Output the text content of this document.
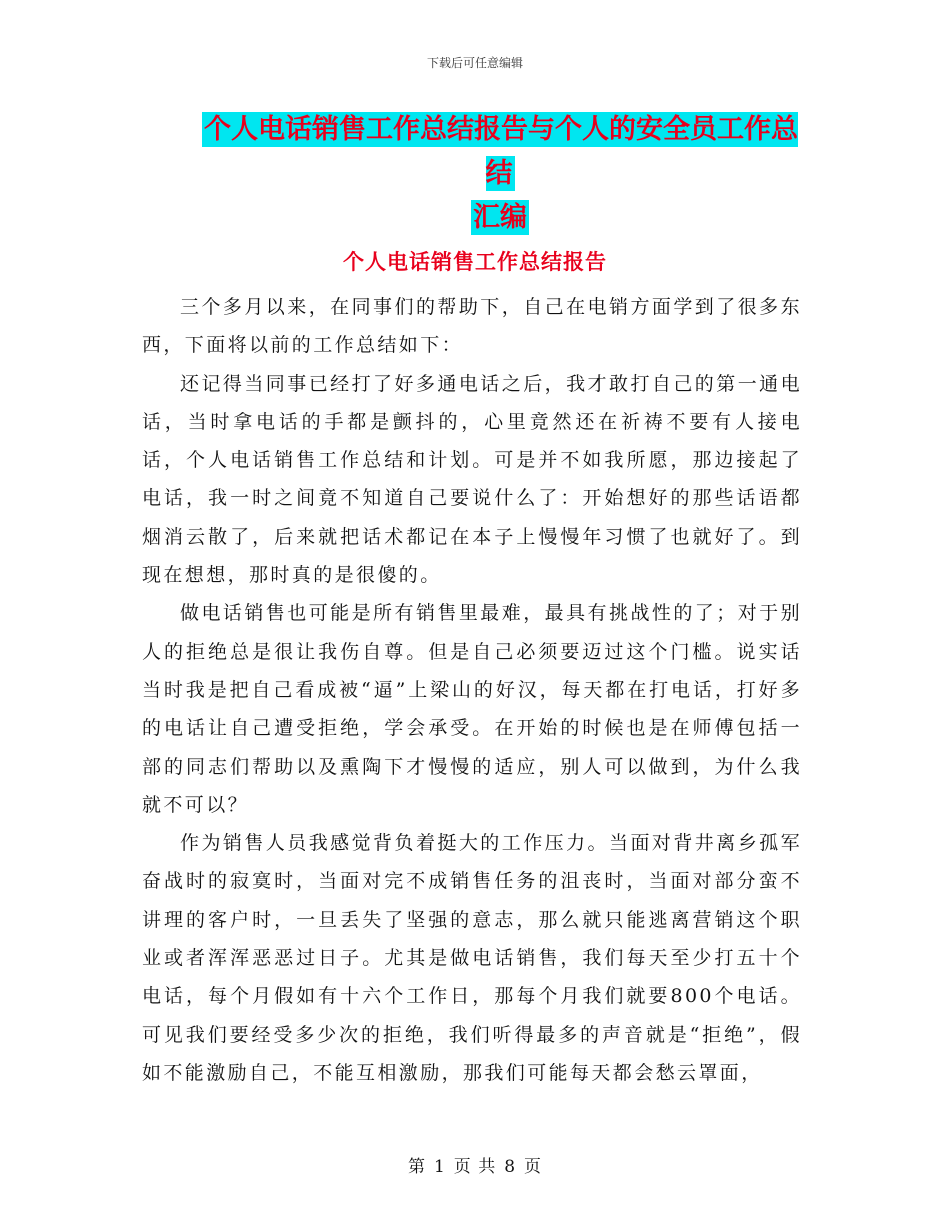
下载后可任意编辑
个人电话销售工作总结报告与个人的安全员工作总结
汇编
个人电话销售工作总结报告

三个多月以来，在同事们的帮助下，自己在电销方面学到了很多东西，下面将以前的工作总结如下：

还记得当同事已经打了好多通电话之后，我才敢打自己的第一通电话，当时拿电话的手都是颤抖的，心里竟然还在祈祷不要有人接电话，个人电话销售工作总结和计划。可是并不如我所愿，那边接起了电话，我一时之间竟不知道自己要说什么了：开始想好的那些话语都烟消云散了，后来就把话术都记在本子上慢慢年习惯了也就好了。到现在想想，那时真的是很傻的。

做电话销售也可能是所有销售里最难，最具有挑战性的了；对于别人的拒绝总是很让我伤自尊。但是自己必须要迈过这个门槛。说实话当时我是把自己看成被“逼”上梁山的好汉，每天都在打电话，打好多的电话让自己遭受拒绝，学会承受。在开始的时候也是在师傅包括一部的同志们帮助以及熏陶下才慢慢的适应，别人可以做到，为什么我就不可以？

作为销售人员我感觉背负着挺大的工作压力。当面对背井离乡孤军奋战时的寂寞时，当面对完不成销售任务的沮丧时，当面对部分蛮不讲理的客户时，一旦丢失了坚强的意志，那么就只能逃离营销这个职业或者浑浑恶恶过日子。尤其是做电话销售，我们每天至少打五十个电话，每个月假如有十六个工作日，那每个月我们就要800个电话。可见我们要经受多少次的拒绝，我们听得最多的声音就是“拒绝”，假如不能激励自己，不能互相激励，那我们可能每天都会愁云罩面，

第 1 页 共 8 页
